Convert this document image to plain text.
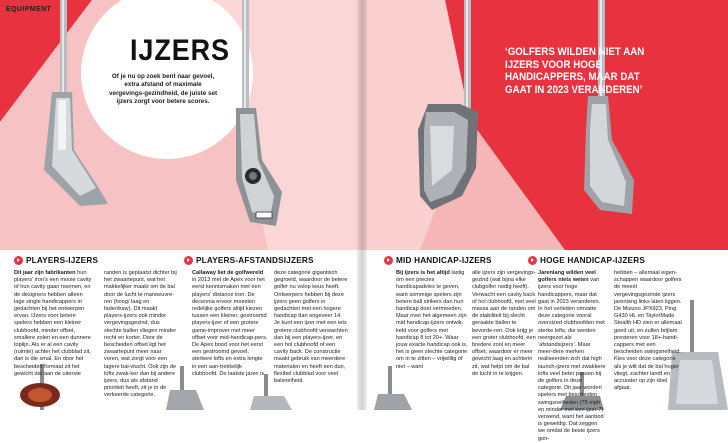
EQUIPMENT
IJZERS
Of je nu op zoek bent naar gevoel, extra afstand of maximale vergevings-gezindheid, de juiste set ijzers zorgt voor betere scores.
‘GOLFERS WILDEN NIET AAN IJZERS VOOR HOGE HANDICAPPERS, MAAR DAT GAAT IN 2023 VERANDEREN’
PLAYERS-IJZERS

Dit jaar zijn fabrikanten hun players’ iron’s een mooie cavity of hun cavity gaan noemen, en de designers hebben alleen lage single handicappers in gedachten bij het ontwerpen ervan. IJzers voor betere spelers hebben een kleiner clubhoofd, minder offset, smallere zolen en een dunnere toplijn. Als er al een cavity (ruimte) achter het clubblad zit, dan is die smal. En door het bescheiden formaat zit het gewicht dat aan de uiterste

randen is geplaatst dichter bij het zwaartepunt, wat het makkelijker maakt om de bal door de lucht te manoeuvre-ren (hoog/ laag en fade/draw). Dit maakt players-ijzers ook minder vergevingsgezind, dus slechte ballen vliegen minder recht en korter. Door de bescheiden offset ligt het zwaartepunt meer naar voren, wat zorgt voor een lagere bal-vlucht. Ook zijn de lofts zwak-ker dan bij andere ijzers, dus als afstand prioriteit heeft, zit je in de verkeerde categorie.

PLAYERS-AFSTANDSIJZERS

Callaway liet de golfwereld in 2013 met de Apex voor het eerst kennismaken met een players’ distance iron. De decennia ervoor moesten redelijke golfers altijd kiezen tussen een kleiner, gestroomd players-ijzer of een grotere game-improver met meer offset voor mid-handicap-pers. De Apex bood voor het eerst een gestroomd gevoel, sterkere lofts en extra lengte in een aan-trekkelijk clubhoofd. De laatste jaren is

deze categorie gigantisch gegroeid, waardoor de betere golfer nu volop keus heeft. Ontwerpers hebben bij deze ijzers geen golfers in gedachten met een hogere handicap dan ongeveer 14. Je kunt een ijzer met een iets grotere clubhoofd verwachten dan bij een players-ijzer, en een hol clubhoofd of een cavity back. De constructie maakt gebruik van meerdere materialen en heeft een dun, flexibel clubblad voor veel balsnelheid.

MID HANDICAP-IJZERS

Bij ijzers is het altijd lastig om een precies handicapadvies te geven, want sommige spelers zijn betere ball strikers dan hun handicap doet vermoeden. Maar over het algemeen zijn mid handicap-ijzers ontwik-keld voor golfers met handicap 8 tot 20+. Waar jouw exacte handicap ook is, het is geen slechte categorie om in te zitten – vrijwillig of niet – want

alle ijzers zijn vergevings-gezind (wat bijna elke clubgolfer nodig heeft). Verwacht een cavity back of hol clubhoofd, met veel massa aan de randen om de stabiliteit bij slecht geraakte ballen te bevorde-ren. Ook krijg je een groter clubhoofd, een bredere zool en meer offset, waardoor er meer gewicht laag en achterin zit, wat helpt om de bal de lucht in te krijgen.

HOGE HANDICAP-IJZERS

Jarenlang wilden veel golfers niets weten van ijzers voor hoge handicappers, maar dat gaat in 2023 veranderen. In het verleden omvatte deze categorie vooral oversized clubhoofden met sterke lofts, die werden neergezet als ‘afstandsijzers’. Maar meer-dere merken realiseerden zich dat high launch-ijzers met zwakkere lofts veel beter passen bij de golfers in deze categorie. Dit jaar worden spelers met bescheiden swingsnelheden (75 mph en minder met een ijzer-7) verwend, want het aanbod is geweldig. Dat zeggen we omdat de beste ijzers gon-

hebben – allemaal eigen-schappen waardoor golfers de meest vergevingsgezinde ijzers jarenlang links laten liggen. De Mizuno JPX923, Ping G430 HL en TaylorMade Stealth HD zien er allemaal goed uit, en zullen brijlam presteren voor 18+-handi-cappers met een bescheiden swingsnelheid. Kies voor deze categorie als je wilt dat de bal hoger vliegt, zachter landt en accurater op zijn doel afgaat.
